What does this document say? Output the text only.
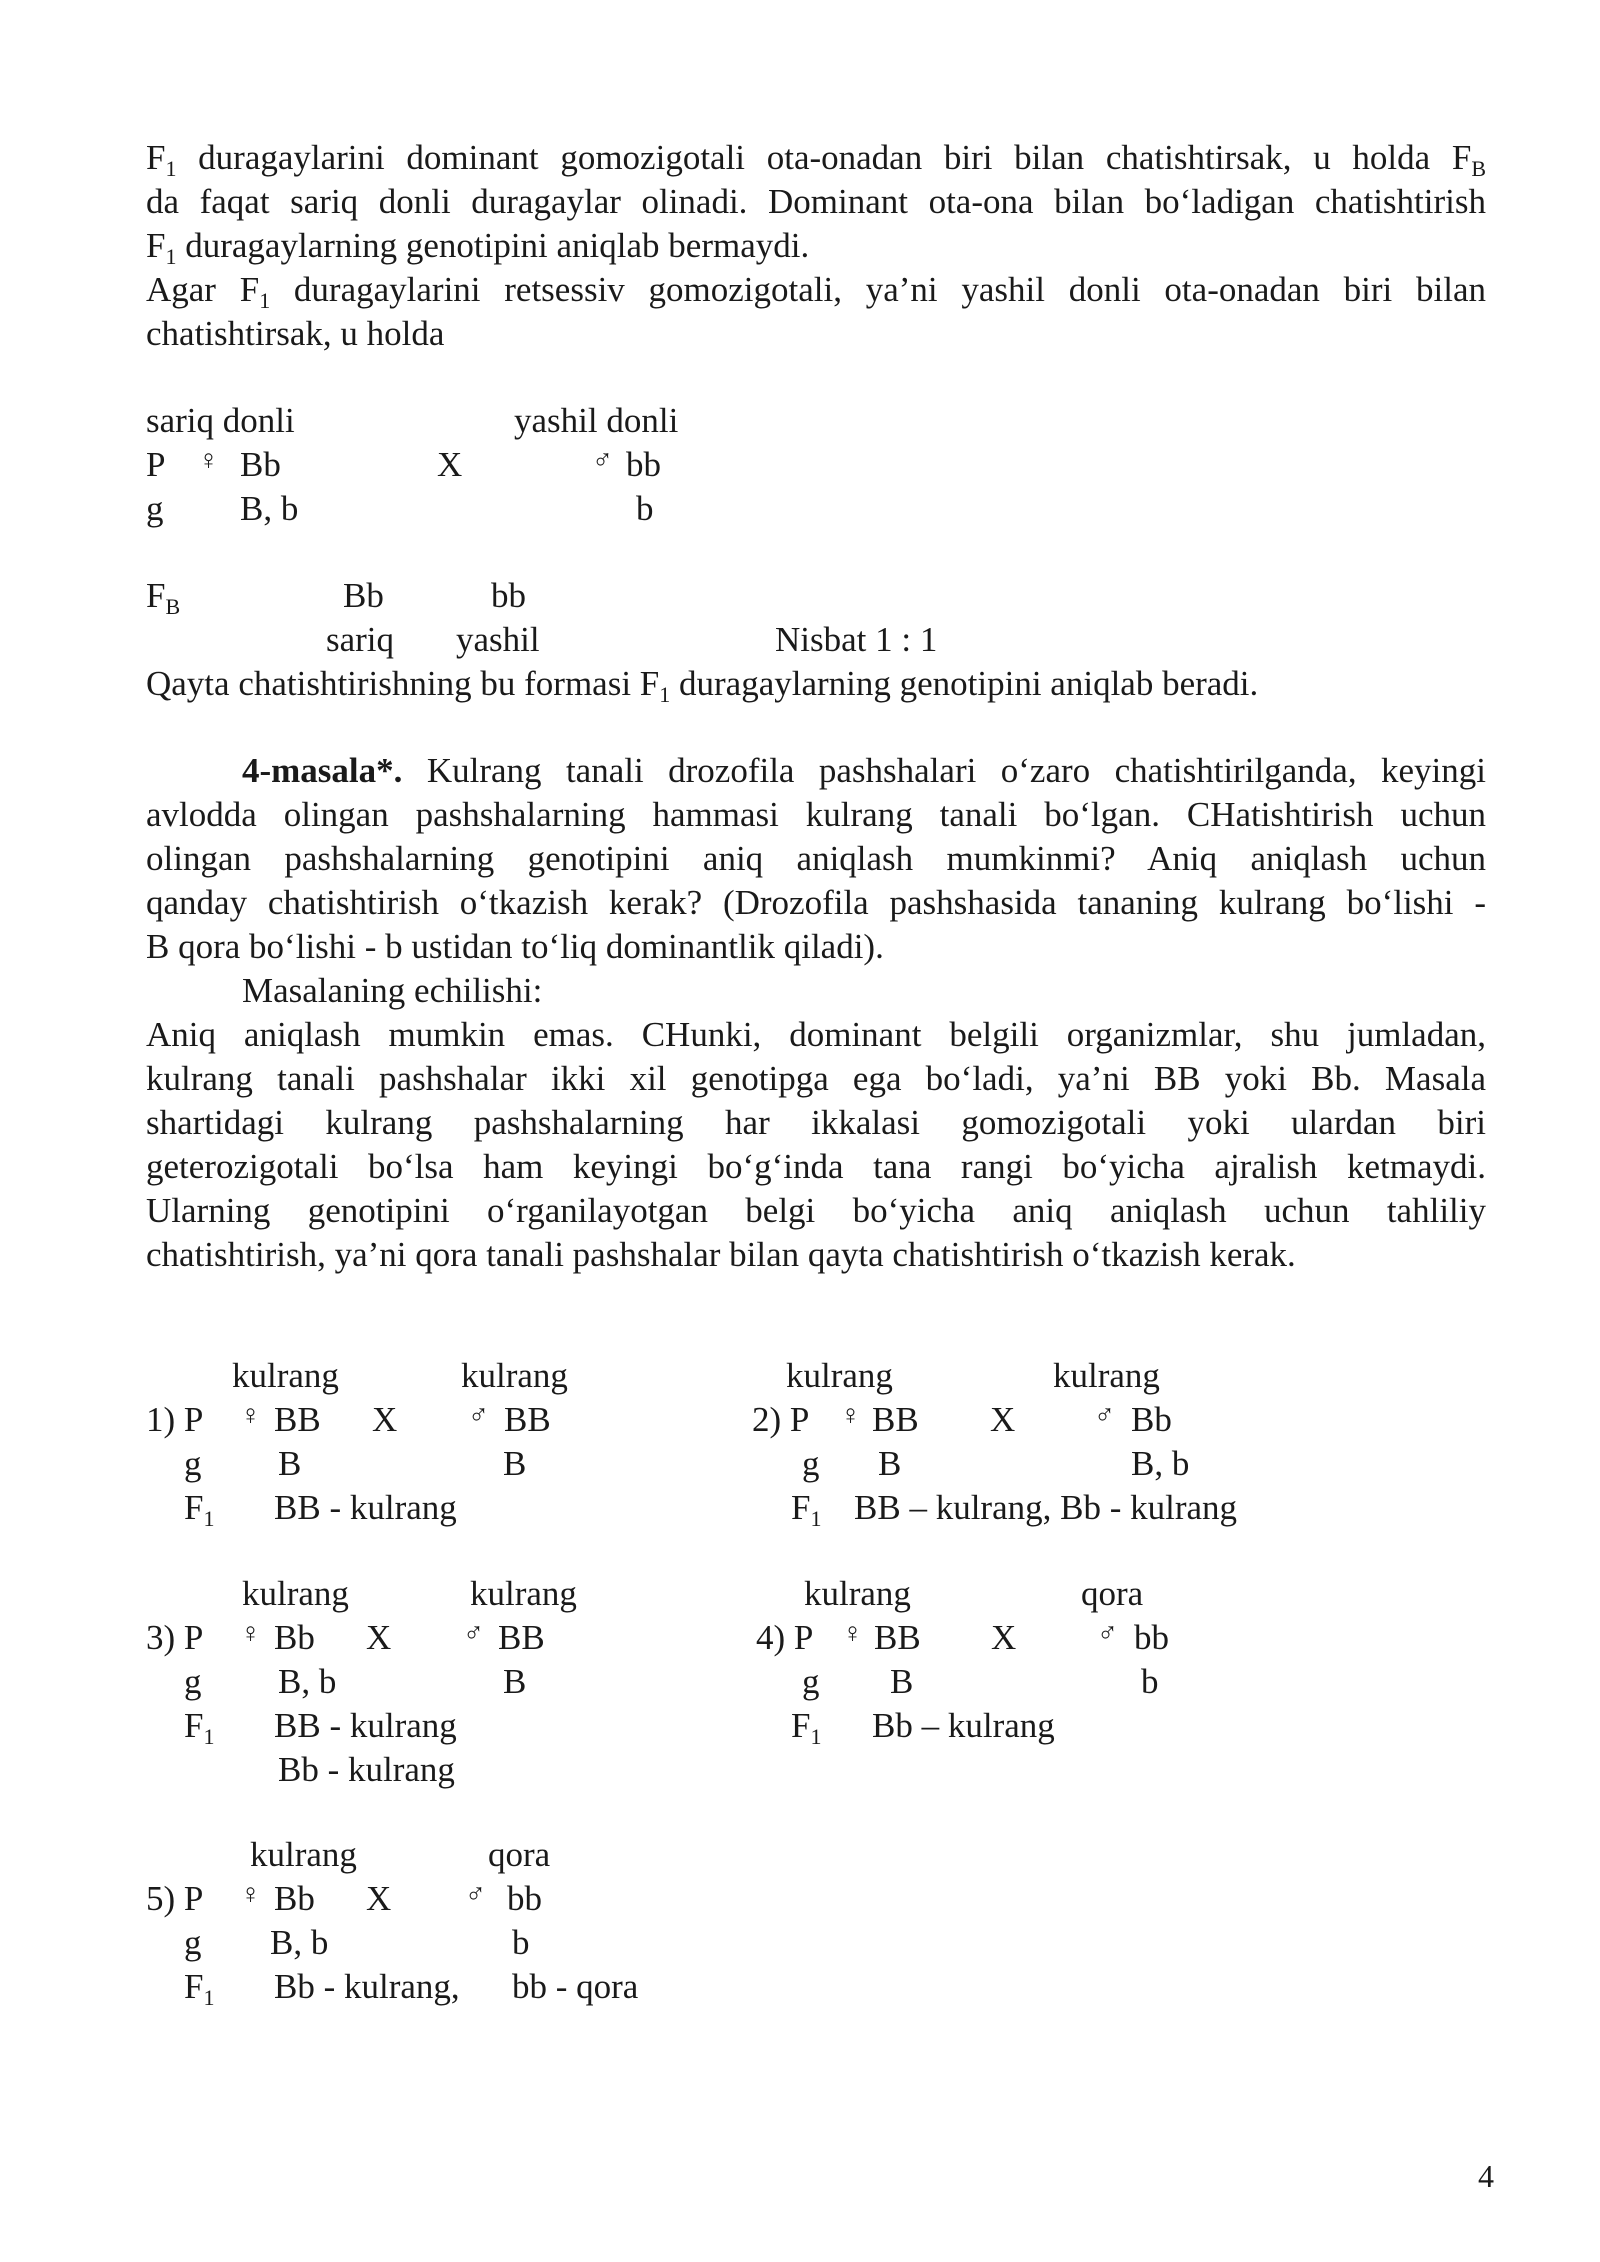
$F_1$ duragaylarini dominant gomozigotali ota-onadan biri bilan chatishtirsak, u holda $F_B$
da faqat sariq donli duragaylar olinadi. Dominant ota-ona bilan bo‘ladigan chatishtirish
$F_1$ duragaylarning genotipini aniqlab bermaydi.
Agar $F_1$ duragaylarini retsessiv gomozigotali, ya’ni yashil donli ota-onadan biri bilan
chatishtirsak, u holda
sariq donli	yashil donli
P ♀ Bb	X	♂ bb
g B, b	b
$F_B$	Bb	bb
sariq yashil	Nisbat 1 : 1
Qayta chatishtirishning bu formasi $F_1$ duragaylarning genotipini aniqlab beradi.
4-masala*. Kulrang tanali drozofila pashshalari o‘zaro chatishtirilganda, keyingi
avlodda olingan pashshalarning hammasi kulrang tanali bo‘lgan. CHatishtirish uchun
olingan pashshalarning genotipini aniq aniqlash mumkinmi? Aniq aniqlash uchun
qanday chatishtirish o‘tkazish kerak? (Drozofila pashshasida tananing kulrang bo‘lishi -
B qora bo‘lishi - b ustidan to‘liq dominantlik qiladi).
Masalaning echilishi:
Aniq aniqlash mumkin emas. CHunki, dominant belgili organizmlar, shu jumladan,
kulrang tanali pashshalar ikki xil genotipga ega bo‘ladi, ya’ni BB yoki Bb. Masala
shartidagi kulrang pashshalarning har ikkalasi gomozigotali yoki ulardan biri
geterozigotali bo‘lsa ham keyingi bo‘g‘inda tana rangi bo‘yicha ajralish ketmaydi.
Ularning genotipini o‘rganilayotgan belgi bo‘yicha aniq aniqlash uchun tahliliy
chatishtirish, ya’ni qora tanali pashshalar bilan qayta chatishtirish o‘tkazish kerak.
kulrang	kulrang
1) P ♀ BB X	♂ BB
g B	B
$F_1$ BB - kulrang
kulrang	kulrang
2) P ♀ BB X	♂ Bb
g B	B, b
$F_1$ BB – kulrang, Bb - kulrang
kulrang	kulrang
3) P ♀ Bb X	♂ BB
g B, b	B
$F_1$ BB - kulrang
Bb - kulrang
kulrang	qora
4) P ♀ BB X	♂ bb
g B	b
$F_1$ Bb – kulrang
kulrang	qora
5) P ♀ Bb X	♂ bb
g B, b	b
$F_1$ Bb - kulrang, bb - qora
4
